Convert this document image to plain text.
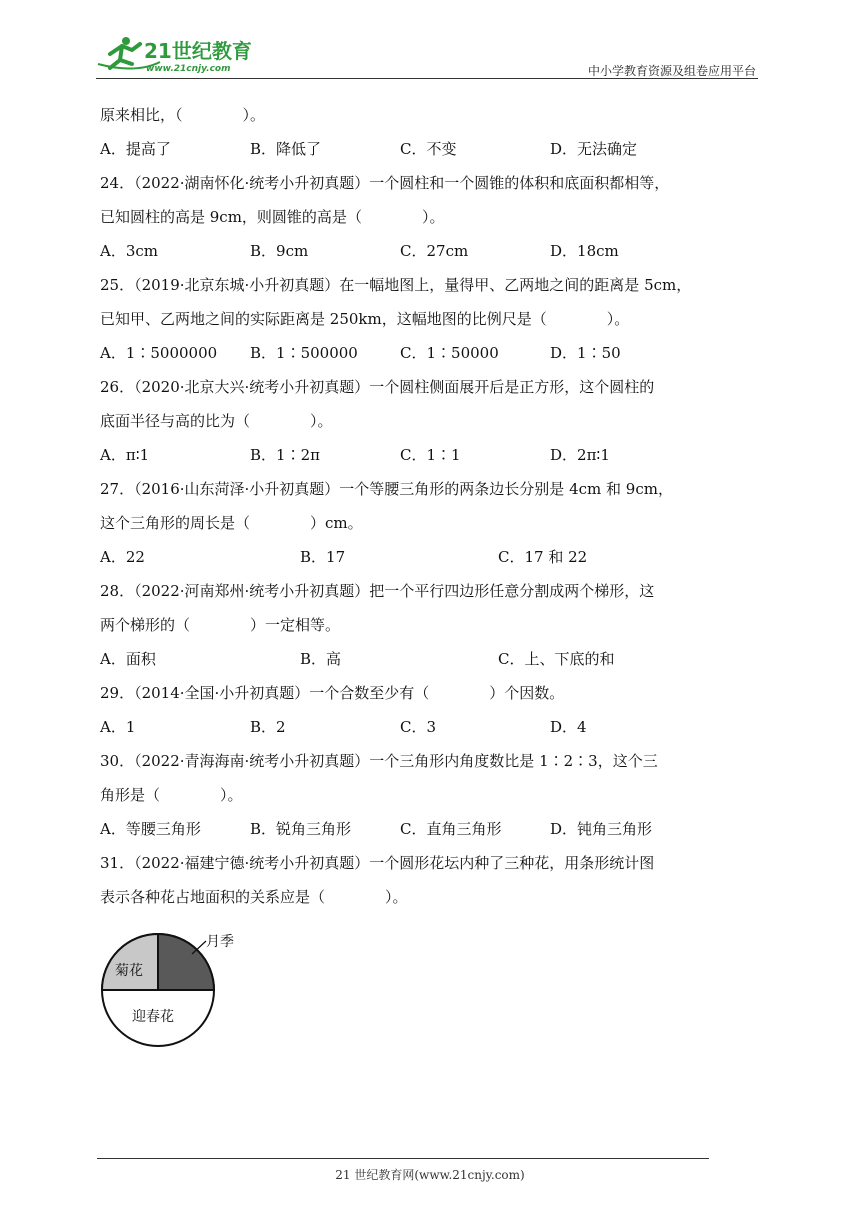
21世纪教育
www.21cnjy.com	中小学教育资源及组卷应用平台
原来相比，（　　　　）。
A．提高了	B．降低了	C．不变	D．无法确定
24．（2022·湖南怀化·统考小升初真题）一个圆柱和一个圆锥的体积和底面积都相等，
已知圆柱的高是 9cm，则圆锥的高是（　　　　）。
A．3cm	B．9cm	C．27cm	D．18cm
25．（2019·北京东城·小升初真题）在一幅地图上，量得甲、乙两地之间的距离是 5cm，
已知甲、乙两地之间的实际距离是 250km，这幅地图的比例尺是（　　　　）。
A．1∶5000000 B．1∶500000	C．1∶50000	D．1∶50
26．（2020·北京大兴·统考小升初真题）一个圆柱侧面展开后是正方形，这个圆柱的
底面半径与高的比为（　　　　）。
A．π∶1	B．1∶2π	C．1∶1	D．2π∶1
27．（2016·山东菏泽·小升初真题）一个等腰三角形的两条边长分别是 4cm 和 9cm，
这个三角形的周长是（　　　　）cm。
A．22	B．17	C．17 和 22
28．（2022·河南郑州·统考小升初真题）把一个平行四边形任意分割成两个梯形，这
两个梯形的（　　　　）一定相等。
A．面积	B．高	C．上、下底的和
29．（2014·全国·小升初真题）一个合数至少有（　　　　）个因数。
A．1	B．2	C．3	D．4
30．（2022·青海海南·统考小升初真题）一个三角形内角度数比是 1∶2∶3，这个三
角形是（　　　　）。
A．等腰三角形	B．锐角三角形	C．直角三角形	D．钝角三角形
31．（2022·福建宁德·统考小升初真题）一个圆形花坛内种了三种花，用条形统计图
表示各种花占地面积的关系应是（　　　　）。
月季
菊花
迎春花
21 世纪教育网(www.21cnjy.com)
